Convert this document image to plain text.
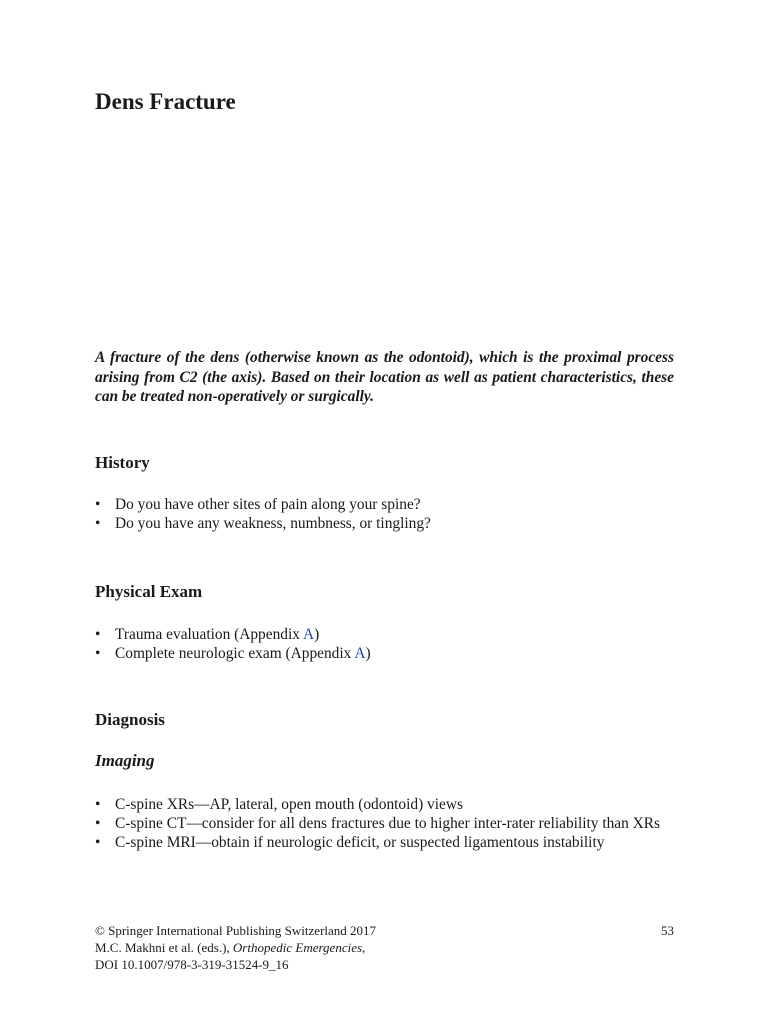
Dens Fracture

A fracture of the dens (otherwise known as the odontoid), which is the proximal process arising from C2 (the axis). Based on their location as well as patient characteristics, these can be treated non-operatively or surgically.

History
• Do you have other sites of pain along your spine?
• Do you have any weakness, numbness, or tingling?
Physical Exam
• Trauma evaluation (Appendix A)
• Complete neurologic exam (Appendix A)
Diagnosis
Imaging
• C-spine XRs—AP, lateral, open mouth (odontoid) views
• C-spine CT—consider for all dens fractures due to higher inter-rater reliability than XRs
• C-spine MRI—obtain if neurologic deficit, or suspected ligamentous instability
© Springer International Publishing Switzerland 2017
M.C. Makhni et al. (eds.), Orthopedic Emergencies,
DOI 10.1007/978-3-319-31524-9_16
53
